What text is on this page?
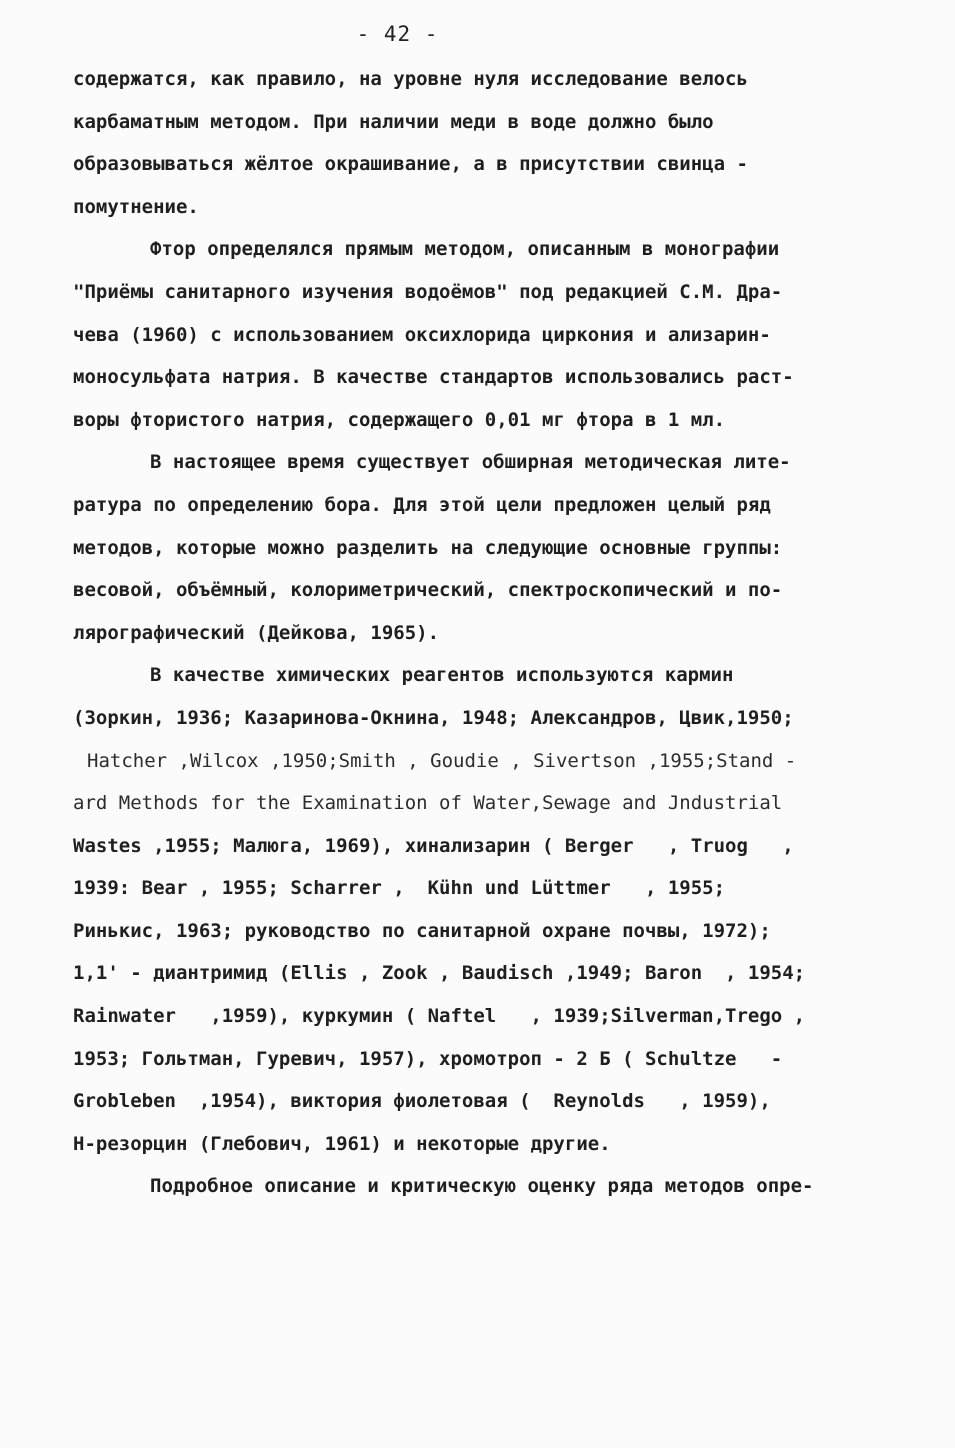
- 42 -
содержатся, как правило, на уровне нуля исследование велось
карбаматным методом. При наличии меди в воде должно было
образовываться жёлтое окрашивание, а в присутствии свинца -
помутнение.
Фтор определялся прямым методом, описанным в монографии
"Приёмы санитарного изучения водоёмов" под редакцией С.М. Дра-
чева (1960) с использованием оксихлорида циркония и ализарин-
моносульфата натрия. В качестве стандартов использовались раст-
воры фтористого натрия, содержащего 0,01 мг фтора в 1 мл.
В настоящее время существует обширная методическая лите-
ратура по определению бора. Для этой цели предложен целый ряд
методов, которые можно разделить на следующие основные группы:
весовой, объёмный, колориметрический, спектроскопический и по-
лярографический (Дейкова, 1965).
В качестве химических реагентов используются кармин
(Зоркин, 1936; Казаринова-Окнина, 1948; Александров, Цвик,1950;
Hatcher ,Wilcox ,1950;Smith , Goudie , Sivertson ,1955;Stand -
ard Methods for the Examination of Water,Sewage and Jndustrial
Wastes ,1955; Малюга, 1969), хинализарин ( Berger   , Truog   ,
1939: Bear , 1955; Scharrer ,  Kühn und Lüttmer   , 1955;
Ринькис, 1963; руководство по санитарной охране почвы, 1972);
1,1' - диантримид (Ellis , Zook , Baudisch ,1949; Baron  , 1954;
Rainwater   ,1959), куркумин ( Naftel   , 1939;Silverman,Trego ,
1953; Гольтман, Гуревич, 1957), хромотроп - 2 Б ( Schultze   -
Grobleben  ,1954), виктория фиолетовая (  Reynolds   , 1959),
Н-резорцин (Глебович, 1961) и некоторые другие.
Подробное описание и критическую оценку ряда методов опре-
